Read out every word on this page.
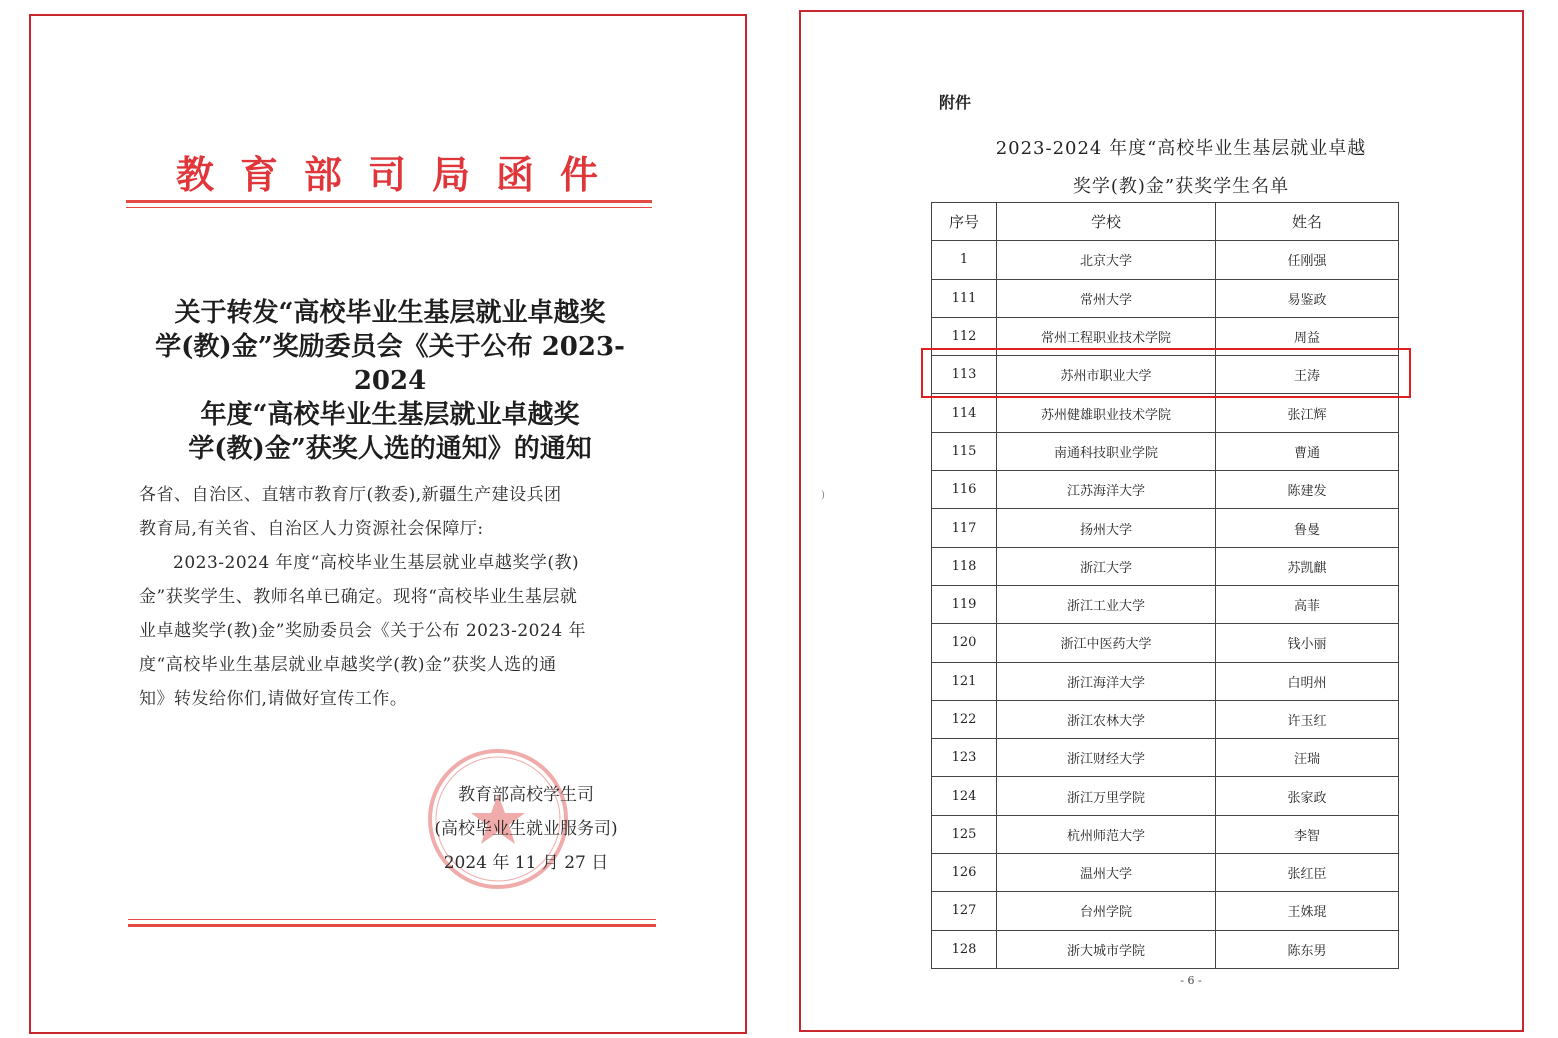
教育部司局函件
关于转发“高校毕业生基层就业卓越奖
学(教)金”奖励委员会《关于公布 2023-2024
年度“高校毕业生基层就业卓越奖
学(教)金”获奖人选的通知》的通知

各省、自治区、直辖市教育厅(教委),新疆生产建设兵团

教育局,有关省、自治区人力资源社会保障厅:

2023-2024 年度“高校毕业生基层就业卓越奖学(教)

金”获奖学生、教师名单已确定。现将“高校毕业生基层就

业卓越奖学(教)金”奖励委员会《关于公布 2023-2024 年

度“高校毕业生基层就业卓越奖学(教)金”获奖人选的通

知》转发给你们,请做好宣传工作。

教育部高校学生司
(高校毕业生就业服务司)
2024 年 11 月 27 日
附件
2023-2024 年度“高校毕业生基层就业卓越
奖学(教)金”获奖学生名单
序号	学校	姓名
1	北京大学	任刚强
111	常州大学	易鉴政
112	常州工程职业技术学院	周益
113	苏州市职业大学	王涛
114	苏州健雄职业技术学院	张江辉
115	南通科技职业学院	曹通
116	江苏海洋大学	陈建发
117	扬州大学	鲁曼
118	浙江大学	苏凯麒
119	浙江工业大学	高菲
120	浙江中医药大学	钱小丽
121	浙江海洋大学	白明州
122	浙江农林大学	许玉红
123	浙江财经大学	汪瑞
124	浙江万里学院	张家政
125	杭州师范大学	李智
126	温州大学	张红臣
127	台州学院	王姝琨
128	浙大城市学院	陈东男
- 6 -
)
